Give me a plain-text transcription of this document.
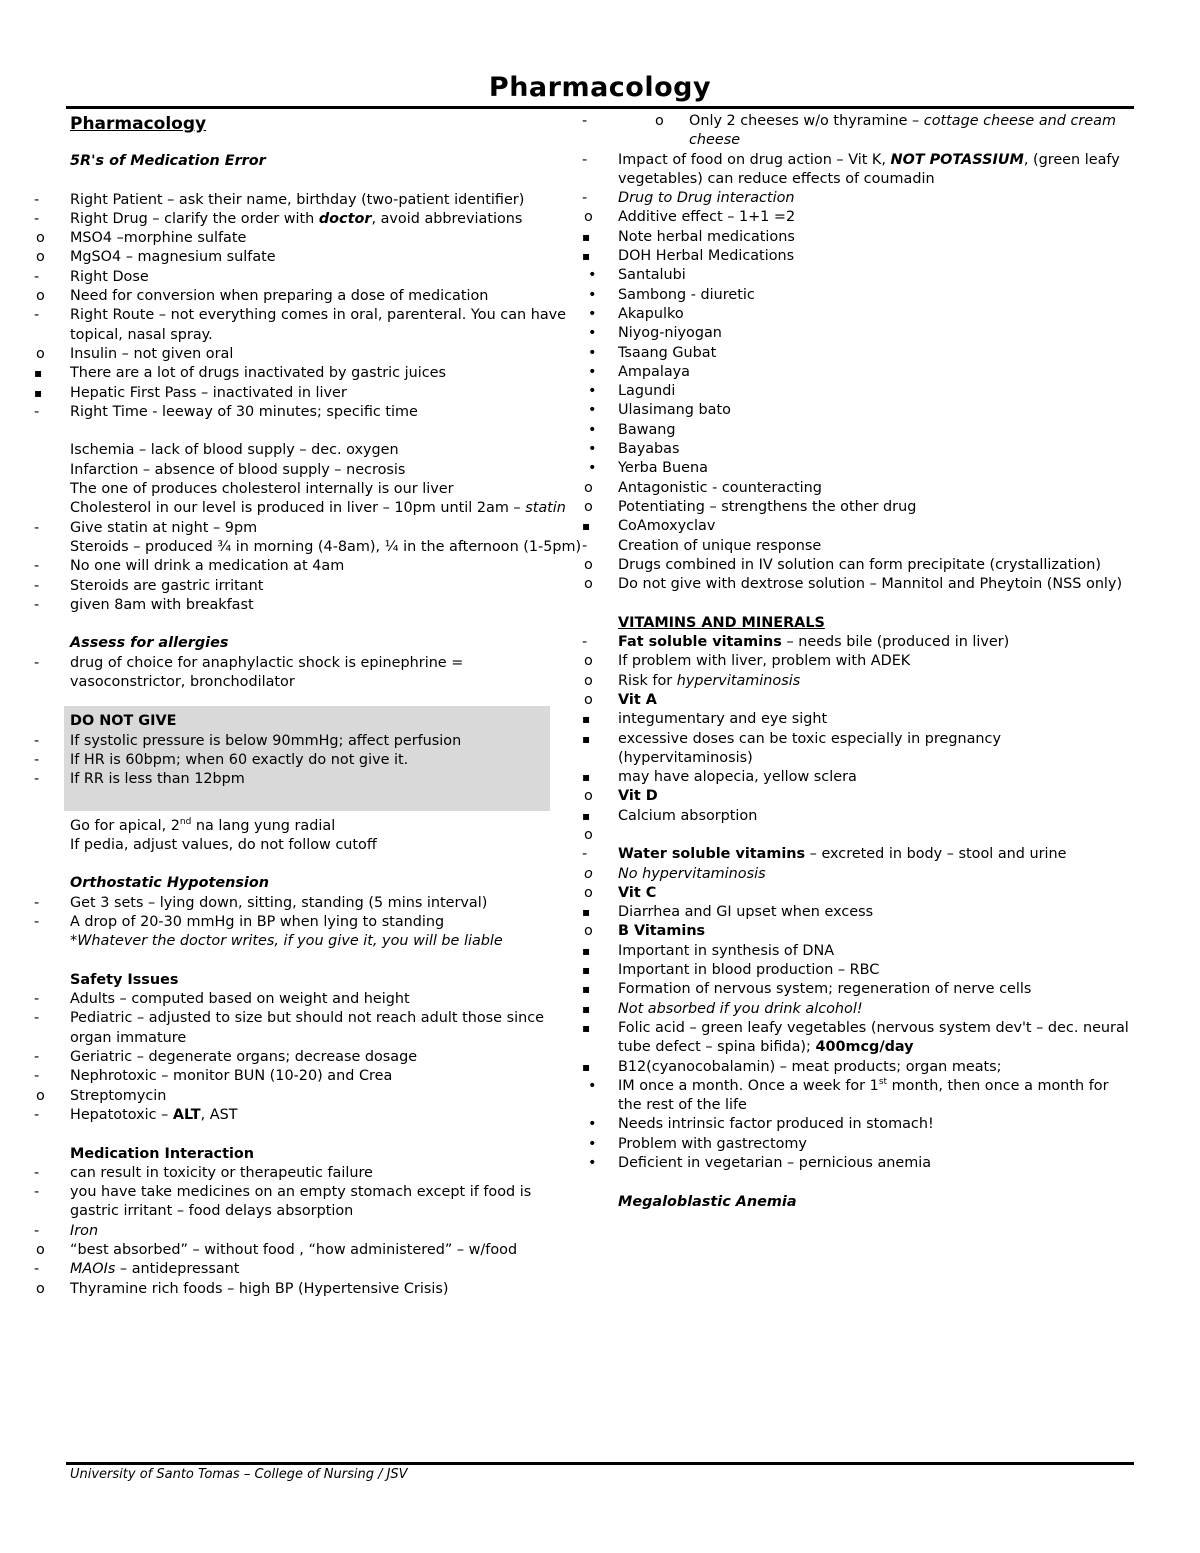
Pharmacology

Pharmacology

5R's of Medication Error

- Right Patient – ask their name, birthday (two-patient identifier)
- Right Drug – clarify the order with doctor, avoid abbreviations
o MSO4 –morphine sulfate
o MgSO4 – magnesium sulfate
- Right Dose
o Need for conversion when preparing a dose of medication
- Right Route – not everything comes in oral, parenteral. You can have topical, nasal spray.
o Insulin – not given oral
▪ There are a lot of drugs inactivated by gastric juices
▪ Hepatic First Pass – inactivated in liver
- Right Time - leeway of 30 minutes; specific time

Ischemia – lack of blood supply – dec. oxygen

Infarction – absence of blood supply – necrosis

The one of produces cholesterol internally is our liver

Cholesterol in our level is produced in liver – 10pm until 2am – statin

- Give statin at night – 9pm

Steroids – produced ¾ in morning (4-8am), ¼ in the afternoon (1-5pm)

- No one will drink a medication at 4am
- Steroids are gastric irritant
- given 8am with breakfast

Assess for allergies

- drug of choice for anaphylactic shock is epinephrine = vasoconstrictor, bronchodilator

DO NOT GIVE

- If systolic pressure is below 90mmHg; affect perfusion
- If HR is 60bpm; when 60 exactly do not give it.
- If RR is less than 12bpm

Go for apical, 2nd na lang yung radial

If pedia, adjust values, do not follow cutoff

Orthostatic Hypotension

- Get 3 sets – lying down, sitting, standing (5 mins interval)
- A drop of 20-30 mmHg in BP when lying to standing

*Whatever the doctor writes, if you give it, you will be liable

Safety Issues

- Adults – computed based on weight and height
- Pediatric – adjusted to size but should not reach adult those since organ immature
- Geriatric – degenerate organs; decrease dosage
- Nephrotoxic – monitor BUN (10-20) and Crea
o Streptomycin
- Hepatotoxic – ALT, AST

Medication Interaction

- can result in toxicity or therapeutic failure
- you have take medicines on an empty stomach except if food is gastric irritant – food delays absorption
- Iron
o “best absorbed” – without food , “how administered” – w/food
- MAOIs – antidepressant
o Thyramine rich foods – high BP (Hypertensive Crisis)
o - Only 2 cheeses w/o thyramine – cottage cheese and cream cheese
- Impact of food on drug action – Vit K, NOT POTASSIUM, (green leafy vegetables) can reduce effects of coumadin
- Drug to Drug interaction
o Additive effect – 1+1 =2
▪ Note herbal medications
▪ DOH Herbal Medications
• Santalubi
• Sambong - diuretic
• Akapulko
• Niyog-niyogan
• Tsaang Gubat
• Ampalaya
• Lagundi
• Ulasimang bato
• Bawang
• Bayabas
• Yerba Buena
o Antagonistic - counteracting
o Potentiating – strengthens the other drug
▪ CoAmoxyclav
- Creation of unique response
o Drugs combined in IV solution can form precipitate (crystallization)
o Do not give with dextrose solution – Mannitol and Pheytoin (NSS only)

VITAMINS AND MINERALS

- Fat soluble vitamins – needs bile (produced in liver)
o If problem with liver, problem with ADEK
o Risk for hypervitaminosis
o Vit A
▪ integumentary and eye sight
▪ excessive doses can be toxic especially in pregnancy (hypervitaminosis)
▪ may have alopecia, yellow sclera
o Vit D
▪ Calcium absorption
o
- Water soluble vitamins – excreted in body – stool and urine
o No hypervitaminosis
o Vit C
▪ Diarrhea and GI upset when excess
o B Vitamins
▪ Important in synthesis of DNA
▪ Important in blood production – RBC
▪ Formation of nervous system; regeneration of nerve cells
▪ Not absorbed if you drink alcohol!
▪ Folic acid – green leafy vegetables (nervous system dev't – dec. neural tube defect – spina bifida); 400mcg/day
▪ B12(cyanocobalamin) – meat products; organ meats;
• IM once a month. Once a week for 1st month, then once a month for the rest of the life
• Needs intrinsic factor produced in stomach!
• Problem with gastrectomy
• Deficient in vegetarian – pernicious anemia

Megaloblastic Anemia

University of Santo Tomas – College of Nursing / JSV
